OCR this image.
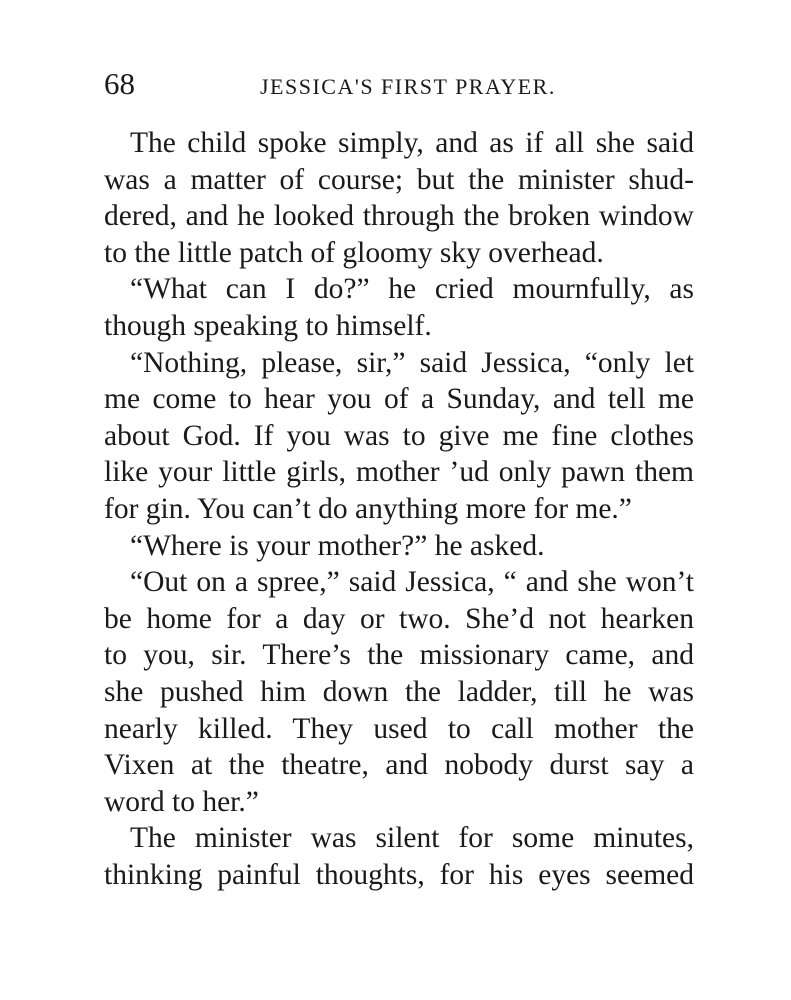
68	JESSICA'S FIRST PRAYER.
The child spoke simply, and as if all she said
was a matter of course; but the minister shud-
dered, and he looked through the broken window
to the little patch of gloomy sky overhead.
“What can I do?” he cried mournfully, as
though speaking to himself.
“Nothing, please, sir,” said Jessica, “only let
me come to hear you of a Sunday, and tell me
about God. If you was to give me fine clothes
like your little girls, mother ’ud only pawn them
for gin. You can’t do anything more for me.”
“Where is your mother?” he asked.
“Out on a spree,” said Jessica, “ and she won’t
be home for a day or two. She’d not hearken
to you, sir. There’s the missionary came, and
she pushed him down the ladder, till he was
nearly killed. They used to call mother the
Vixen at the theatre, and nobody durst say a
word to her.”
The minister was silent for some minutes,
thinking painful thoughts, for his eyes seemed
